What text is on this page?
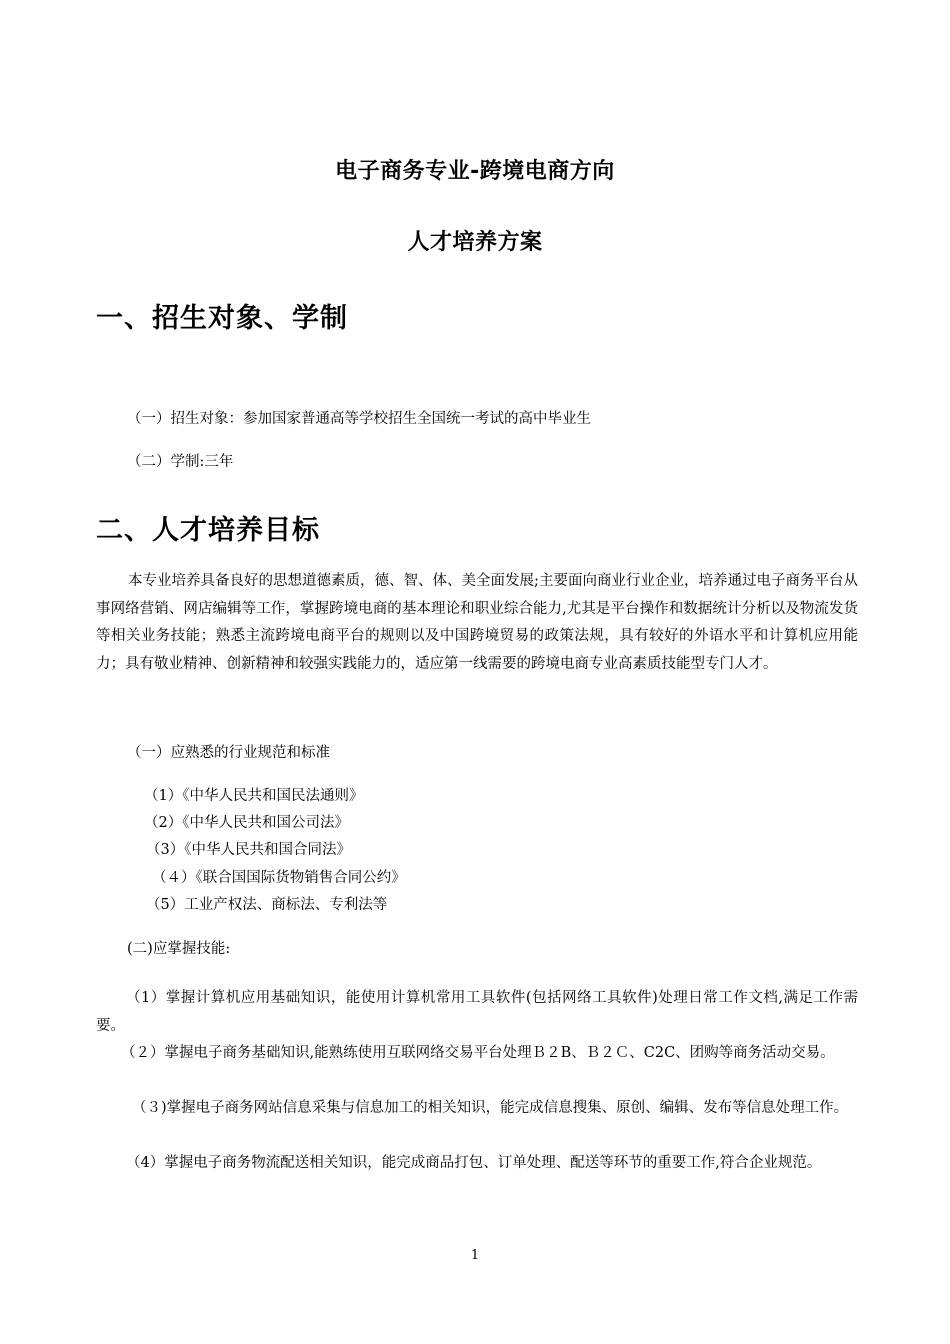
电子商务专业-跨境电商方向
人才培养方案
一、招生对象、学制
（一）招生对象：参加国家普通高等学校招生全国统一考试的高中毕业生
（二）学制:三年
二、人才培养目标
本专业培养具备良好的思想道德素质，德、智、体、美全面发展;主要面向商业行业企业，培养通过电子商务平台从事网络营销、网店编辑等工作，掌握跨境电商的基本理论和职业综合能力,尤其是平台操作和数据统计分析以及物流发货等相关业务技能；熟悉主流跨境电商平台的规则以及中国跨境贸易的政策法规，具有较好的外语水平和计算机应用能力；具有敬业精神、创新精神和较强实践能力的，适应第一线需要的跨境电商专业高素质技能型专门人才。
（一）应熟悉的行业规范和标准
（1）《中华人民共和国民法通则》
（2）《中华人民共和国公司法》
（3）《中华人民共和国合同法》
（４）《联合国国际货物销售合同公约》
（5）工业产权法、商标法、专利法等
(二)应掌握技能:
（1）掌握计算机应用基础知识，能使用计算机常用工具软件(包括网络工具软件)处理日常工作文档,满足工作需要。
（２）掌握电子商务基础知识,能熟练使用互联网络交易平台处理Ｂ２B、Ｂ２Ｃ、C2C、团购等商务活动交易。
（３)掌握电子商务网站信息采集与信息加工的相关知识，能完成信息搜集、原创、编辑、发布等信息处理工作。
（4）掌握电子商务物流配送相关知识，能完成商品打包、订单处理、配送等环节的重要工作,符合企业规范。
1
